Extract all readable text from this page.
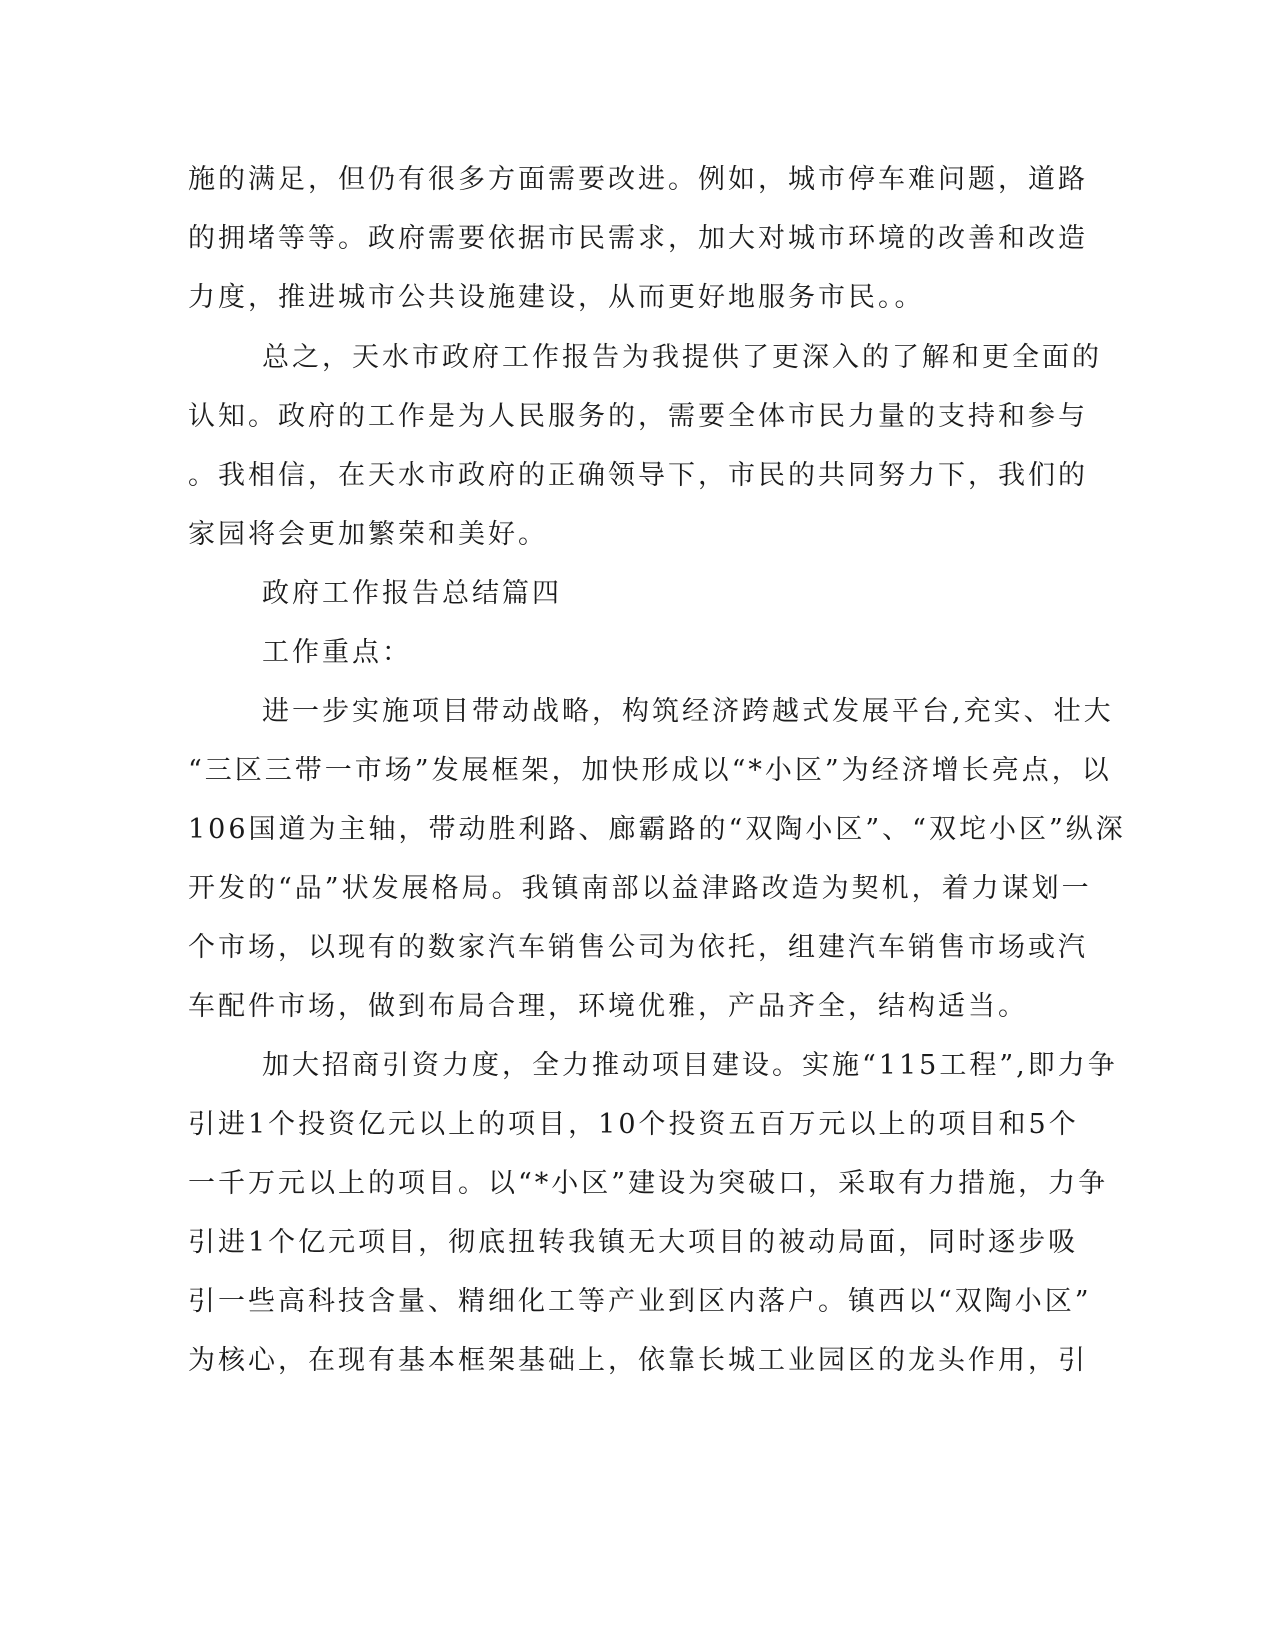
施的满足，但仍有很多方面需要改进。例如，城市停车难问题，道路

的拥堵等等。政府需要依据市民需求，加大对城市环境的改善和改造

力度，推进城市公共设施建设，从而更好地服务市民。。

总之，天水市政府工作报告为我提供了更深入的了解和更全面的

认知。政府的工作是为人民服务的，需要全体市民力量的支持和参与

。我相信，在天水市政府的正确领导下，市民的共同努力下，我们的

家园将会更加繁荣和美好。

政府工作报告总结篇四

工作重点：

进一步实施项目带动战略，构筑经济跨越式发展平台,充实、壮大

“三区三带一市场”发展框架，加快形成以“*小区”为经济增长亮点，以

106国道为主轴，带动胜利路、廊霸路的“双陶小区”、“双坨小区”纵深

开发的“品”状发展格局。我镇南部以益津路改造为契机，着力谋划一

个市场，以现有的数家汽车销售公司为依托，组建汽车销售市场或汽

车配件市场，做到布局合理，环境优雅，产品齐全，结构适当。

加大招商引资力度，全力推动项目建设。实施“115工程”,即力争

引进1个投资亿元以上的项目，10个投资五百万元以上的项目和5个

一千万元以上的项目。以“*小区”建设为突破口，采取有力措施，力争

引进1个亿元项目，彻底扭转我镇无大项目的被动局面，同时逐步吸

引一些高科技含量、精细化工等产业到区内落户。镇西以“双陶小区”

为核心，在现有基本框架基础上，依靠长城工业园区的龙头作用，引
